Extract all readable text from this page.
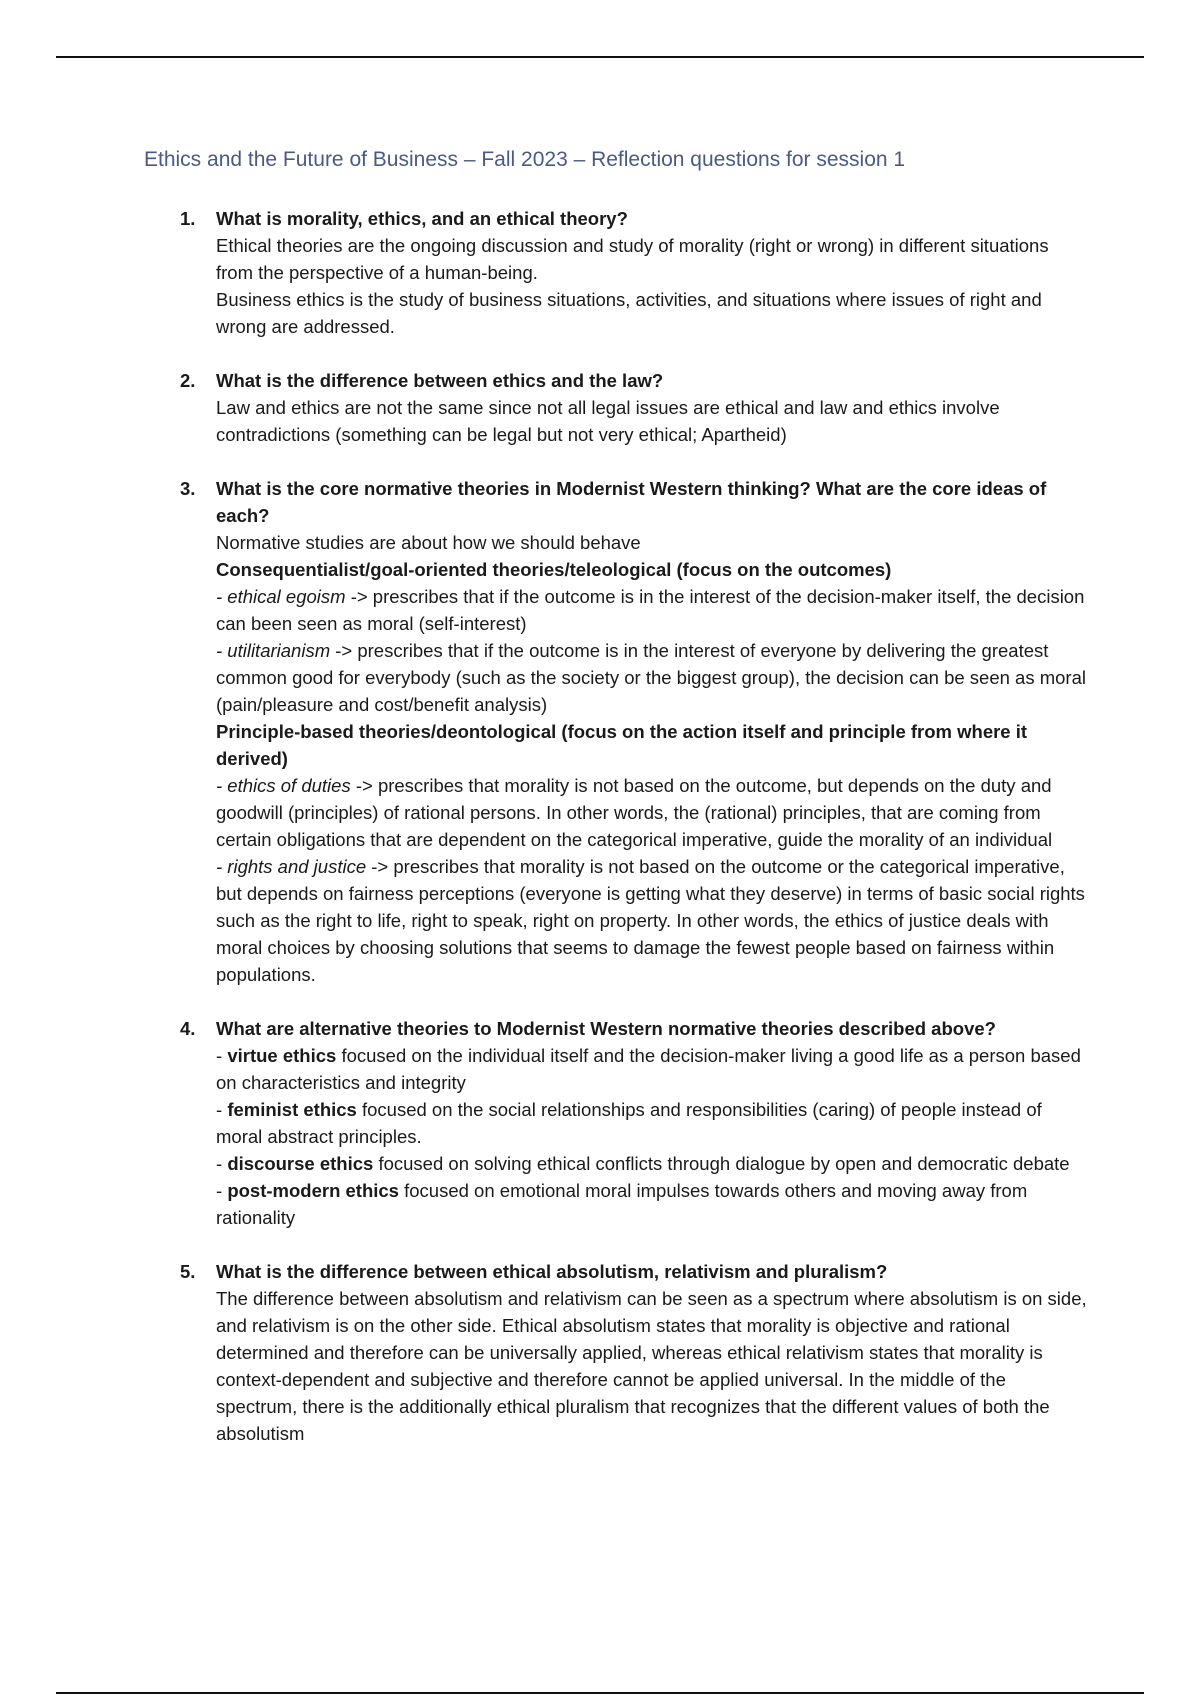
Ethics and the Future of Business – Fall 2023 – Reflection questions for session 1
1. What is morality, ethics, and an ethical theory?
Ethical theories are the ongoing discussion and study of morality (right or wrong) in different situations from the perspective of a human-being.
Business ethics is the study of business situations, activities, and situations where issues of right and wrong are addressed.
2. What is the difference between ethics and the law?
Law and ethics are not the same since not all legal issues are ethical and law and ethics involve contradictions (something can be legal but not very ethical; Apartheid)
3. What is the core normative theories in Modernist Western thinking? What are the core ideas of each?
Normative studies are about how we should behave
Consequentialist/goal-oriented theories/teleological (focus on the outcomes)
- ethical egoism -> prescribes that if the outcome is in the interest of the decision-maker itself, the decision can been seen as moral (self-interest)
- utilitarianism -> prescribes that if the outcome is in the interest of everyone by delivering the greatest common good for everybody (such as the society or the biggest group), the decision can be seen as moral (pain/pleasure and cost/benefit analysis)
Principle-based theories/deontological (focus on the action itself and principle from where it derived)
- ethics of duties -> prescribes that morality is not based on the outcome, but depends on the duty and goodwill (principles) of rational persons. In other words, the (rational) principles, that are coming from certain obligations that are dependent on the categorical imperative, guide the morality of an individual
- rights and justice -> prescribes that morality is not based on the outcome or the categorical imperative, but depends on fairness perceptions (everyone is getting what they deserve) in terms of basic social rights such as the right to life, right to speak, right on property. In other words, the ethics of justice deals with moral choices by choosing solutions that seems to damage the fewest people based on fairness within populations.
4. What are alternative theories to Modernist Western normative theories described above?
- virtue ethics focused on the individual itself and the decision-maker living a good life as a person based on characteristics and integrity
- feminist ethics focused on the social relationships and responsibilities (caring) of people instead of moral abstract principles.
- discourse ethics focused on solving ethical conflicts through dialogue by open and democratic debate
- post-modern ethics focused on emotional moral impulses towards others and moving away from rationality
5. What is the difference between ethical absolutism, relativism and pluralism?
The difference between absolutism and relativism can be seen as a spectrum where absolutism is on side, and relativism is on the other side. Ethical absolutism states that morality is objective and rational determined and therefore can be universally applied, whereas ethical relativism states that morality is context-dependent and subjective and therefore cannot be applied universal. In the middle of the spectrum, there is the additionally ethical pluralism that recognizes that the different values of both the absolutism
